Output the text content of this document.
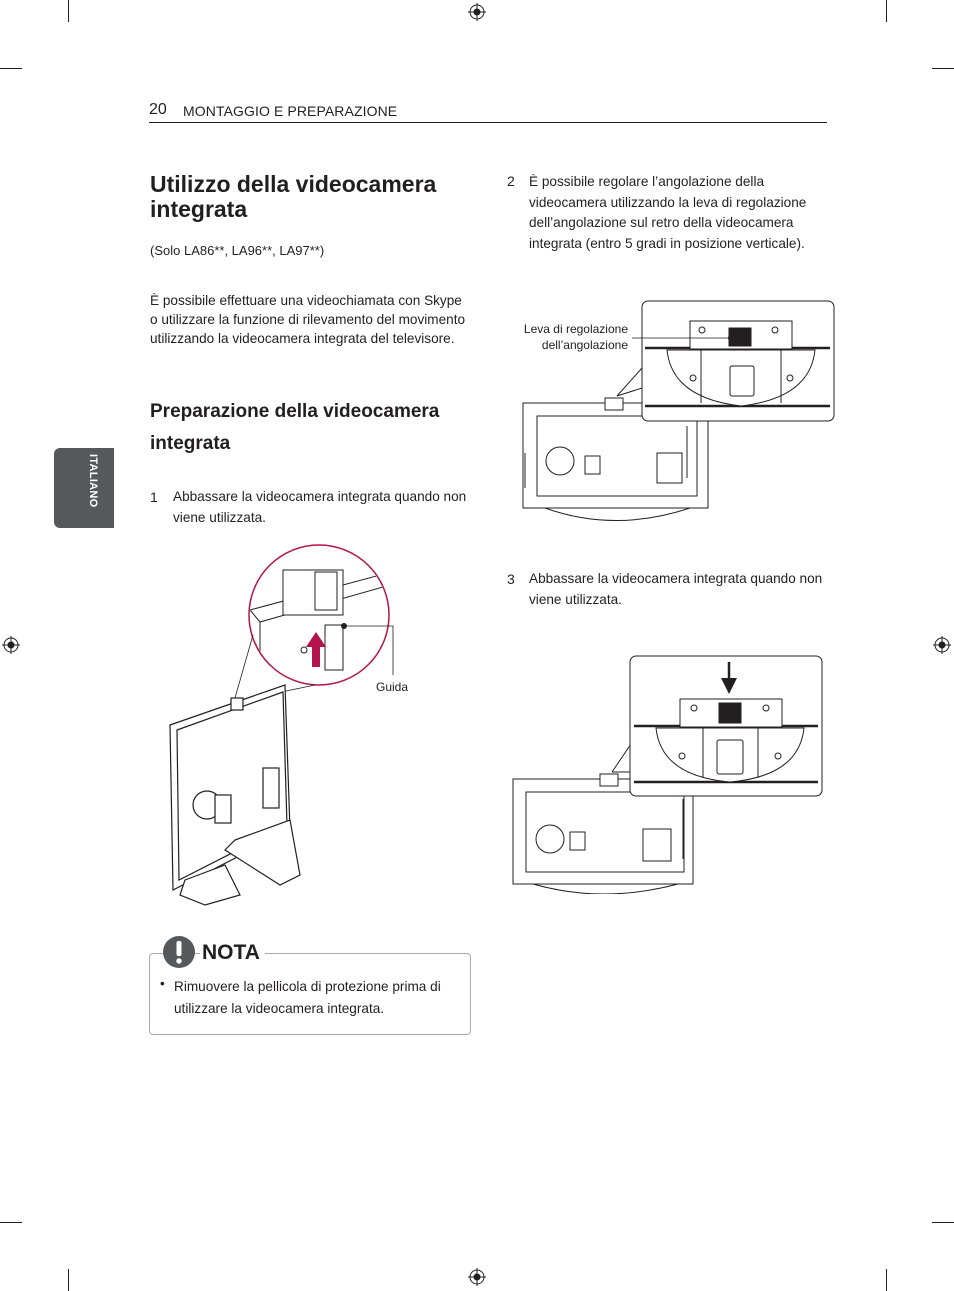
20 MONTAGGIO E PREPARAZIONE
ITALIANO
Utilizzo della videocamera integrata
(Solo LA86**, LA96**, LA97**)
È possibile effettuare una videochiamata con Skype o utilizzare la funzione di rilevamento del movimento utilizzando la videocamera integrata del televisore.
Preparazione della videocamera integrata
1 Abbassare la videocamera integrata quando non viene utilizzata.
Guida
NOTA
• Rimuovere la pellicola di protezione prima di utilizzare la videocamera integrata.
2 È possibile regolare l’angolazione della videocamera utilizzando la leva di regolazione dell’angolazione sul retro della videocamera integrata (entro 5 gradi in posizione verticale).
Leva di regolazione
dell’angolazione
3 Abbassare la videocamera integrata quando non viene utilizzata.
